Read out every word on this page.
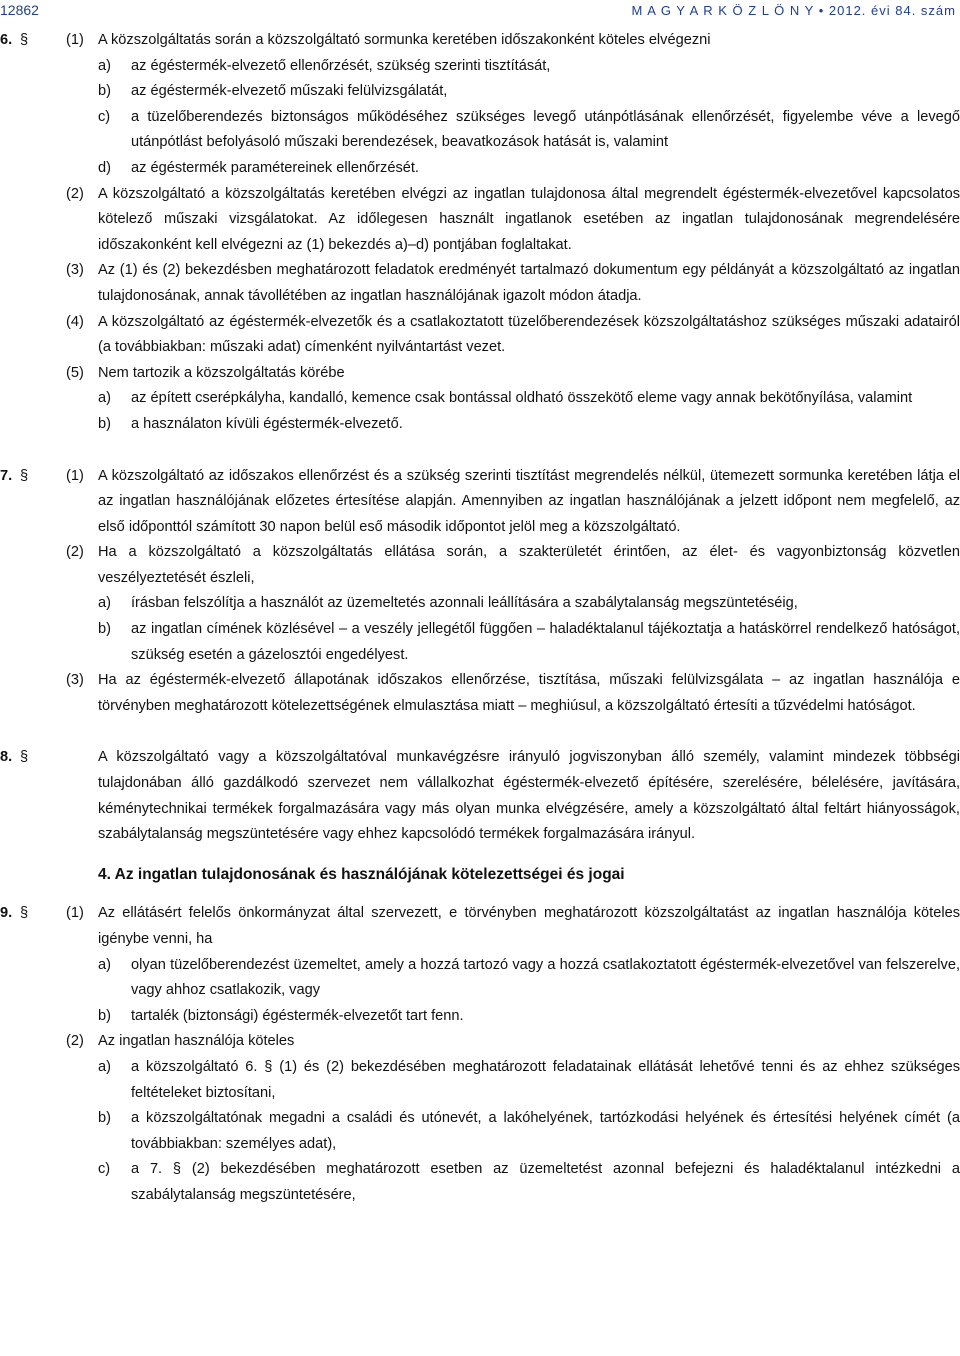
12862	M A G Y A R K Ö Z L Ö N Y • 2012. évi 84. szám
6. §	(1) A közszolgáltatás során a közszolgáltató sormunka keretében időszakonként köteles elvégezni
a) az égéstermék-elvezető ellenőrzését, szükség szerinti tisztítását,
b) az égéstermék-elvezető műszaki felülvizsgálatát,
c) a tüzelőberendezés biztonságos működéséhez szükséges levegő utánpótlásának ellenőrzését, figyelembe véve a levegő utánpótlást befolyásoló műszaki berendezések, beavatkozások hatását is, valamint
d) az égéstermék paramétereinek ellenőrzését.
(2) A közszolgáltató a közszolgáltatás keretében elvégzi az ingatlan tulajdonosa által megrendelt égéstermék-elvezetővel kapcsolatos kötelező műszaki vizsgálatokat. Az időlegesen használt ingatlanok esetében az ingatlan tulajdonosának megrendelésére időszakonként kell elvégezni az (1) bekezdés a)–d) pontjában foglaltakat.
(3) Az (1) és (2) bekezdésben meghatározott feladatok eredményét tartalmazó dokumentum egy példányát a közszolgáltató az ingatlan tulajdonosának, annak távollétében az ingatlan használójának igazolt módon átadja.
(4) A közszolgáltató az égéstermék-elvezetők és a csatlakoztatott tüzelőberendezések közszolgáltatáshoz szükséges műszaki adatairól (a továbbiakban: műszaki adat) címenként nyilvántartást vezet.
(5) Nem tartozik a közszolgáltatás körébe
a) az épített cserépkályha, kandalló, kemence csak bontással oldható összekötő eleme vagy annak bekötőnyílása, valamint
b) a használaton kívüli égéstermék-elvezető.
7. §	(1) A közszolgáltató az időszakos ellenőrzést és a szükség szerinti tisztítást megrendelés nélkül, ütemezett sormunka keretében látja el az ingatlan használójának előzetes értesítése alapján. Amennyiben az ingatlan használójának a jelzett időpont nem megfelelő, az első időponttól számított 30 napon belül eső második időpontot jelöl meg a közszolgáltató.
(2) Ha a közszolgáltató a közszolgáltatás ellátása során, a szakterületét érintően, az élet- és vagyonbiztonság közvetlen veszélyeztetését észleli,
a) írásban felszólítja a használót az üzemeltetés azonnali leállítására a szabálytalanság megszüntetéséig,
b) az ingatlan címének közlésével – a veszély jellegétől függően – haladéktalanul tájékoztatja a hatáskörrel rendelkező hatóságot, szükség esetén a gázelosztói engedélyest.
(3) Ha az égéstermék-elvezető állapotának időszakos ellenőrzése, tisztítása, műszaki felülvizsgálata – az ingatlan használója e törvényben meghatározott kötelezettségének elmulasztása miatt – meghiúsul, a közszolgáltató értesíti a tűzvédelmi hatóságot.
8. §	A közszolgáltató vagy a közszolgáltatóval munkavégzésre irányuló jogviszonyban álló személy, valamint mindezek többségi tulajdonában álló gazdálkodó szervezet nem vállalkozhat égéstermék-elvezető építésére, szerelésére, bélelésére, javítására, kéménytechnikai termékek forgalmazására vagy más olyan munka elvégzésére, amely a közszolgáltató által feltárt hiányosságok, szabálytalanság megszüntetésére vagy ehhez kapcsolódó termékek forgalmazására irányul.
4. Az ingatlan tulajdonosának és használójának kötelezettségei és jogai
9. §	(1) Az ellátásért felelős önkormányzat által szervezett, e törvényben meghatározott közszolgáltatást az ingatlan használója köteles igénybe venni, ha
a) olyan tüzelőberendezést üzemeltet, amely a hozzá tartozó vagy a hozzá csatlakoztatott égéstermék-elvezetővel van felszerelve, vagy ahhoz csatlakozik, vagy
b) tartalék (biztonsági) égéstermék-elvezetőt tart fenn.
(2) Az ingatlan használója köteles
a) a közszolgáltató 6. § (1) és (2) bekezdésében meghatározott feladatainak ellátását lehetővé tenni és az ehhez szükséges feltételeket biztosítani,
b) a közszolgáltatónak megadni a családi és utónevét, a lakóhelyének, tartózkodási helyének és értesítési helyének címét (a továbbiakban: személyes adat),
c) a 7. § (2) bekezdésében meghatározott esetben az üzemeltetést azonnal befejezni és haladéktalanul intézkedni a szabálytalanság megszüntetésére,
